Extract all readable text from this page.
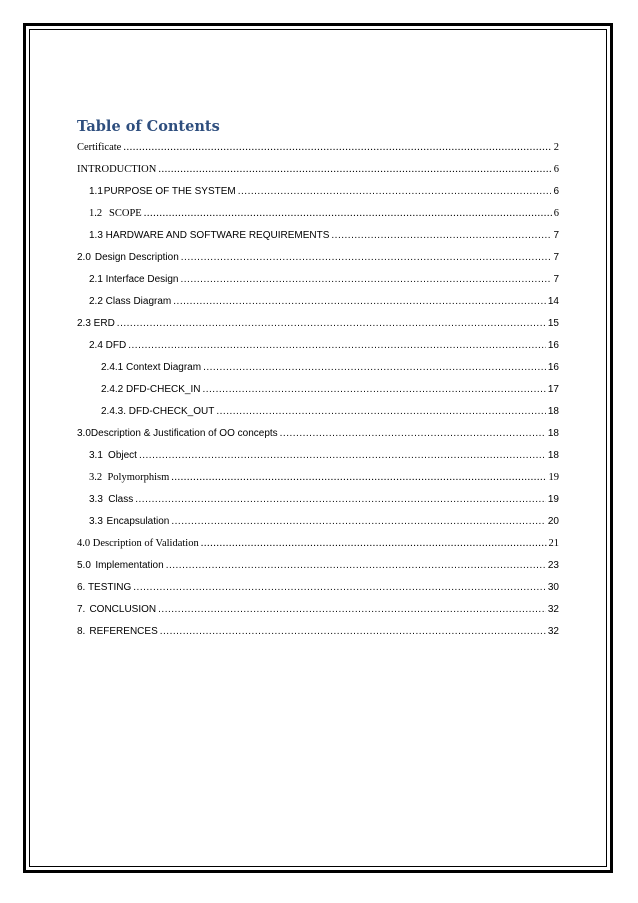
Table of Contents
Certificate .....	2
INTRODUCTION .....	6
1.1 PURPOSE OF THE SYSTEM .....	6
1.2 SCOPE .....	6
1.3 HARDWARE AND SOFTWARE REQUIREMENTS .....	7
2.0 Design Description .....	7
2.1 Interface Design .....	7
2.2 Class Diagram .....	14
2.3 ERD .....	15
2.4 DFD .....	16
2.4.1 Context Diagram .....	16
2.4.2 DFD-CHECK_IN .....	17
2.4.3. DFD-CHECK_OUT .....	18
3.0 Description & Justification of OO concepts .....	18
3.1 Object .....	18
3.2 Polymorphism .....	19
3.3 Class .....	19
3.3 Encapsulation .....	20
4.0 Description of Validation .....	21
5.0 Implementation .....	23
6. TESTING .....	30
7. CONCLUSION .....	32
8. REFERENCES .....	32
